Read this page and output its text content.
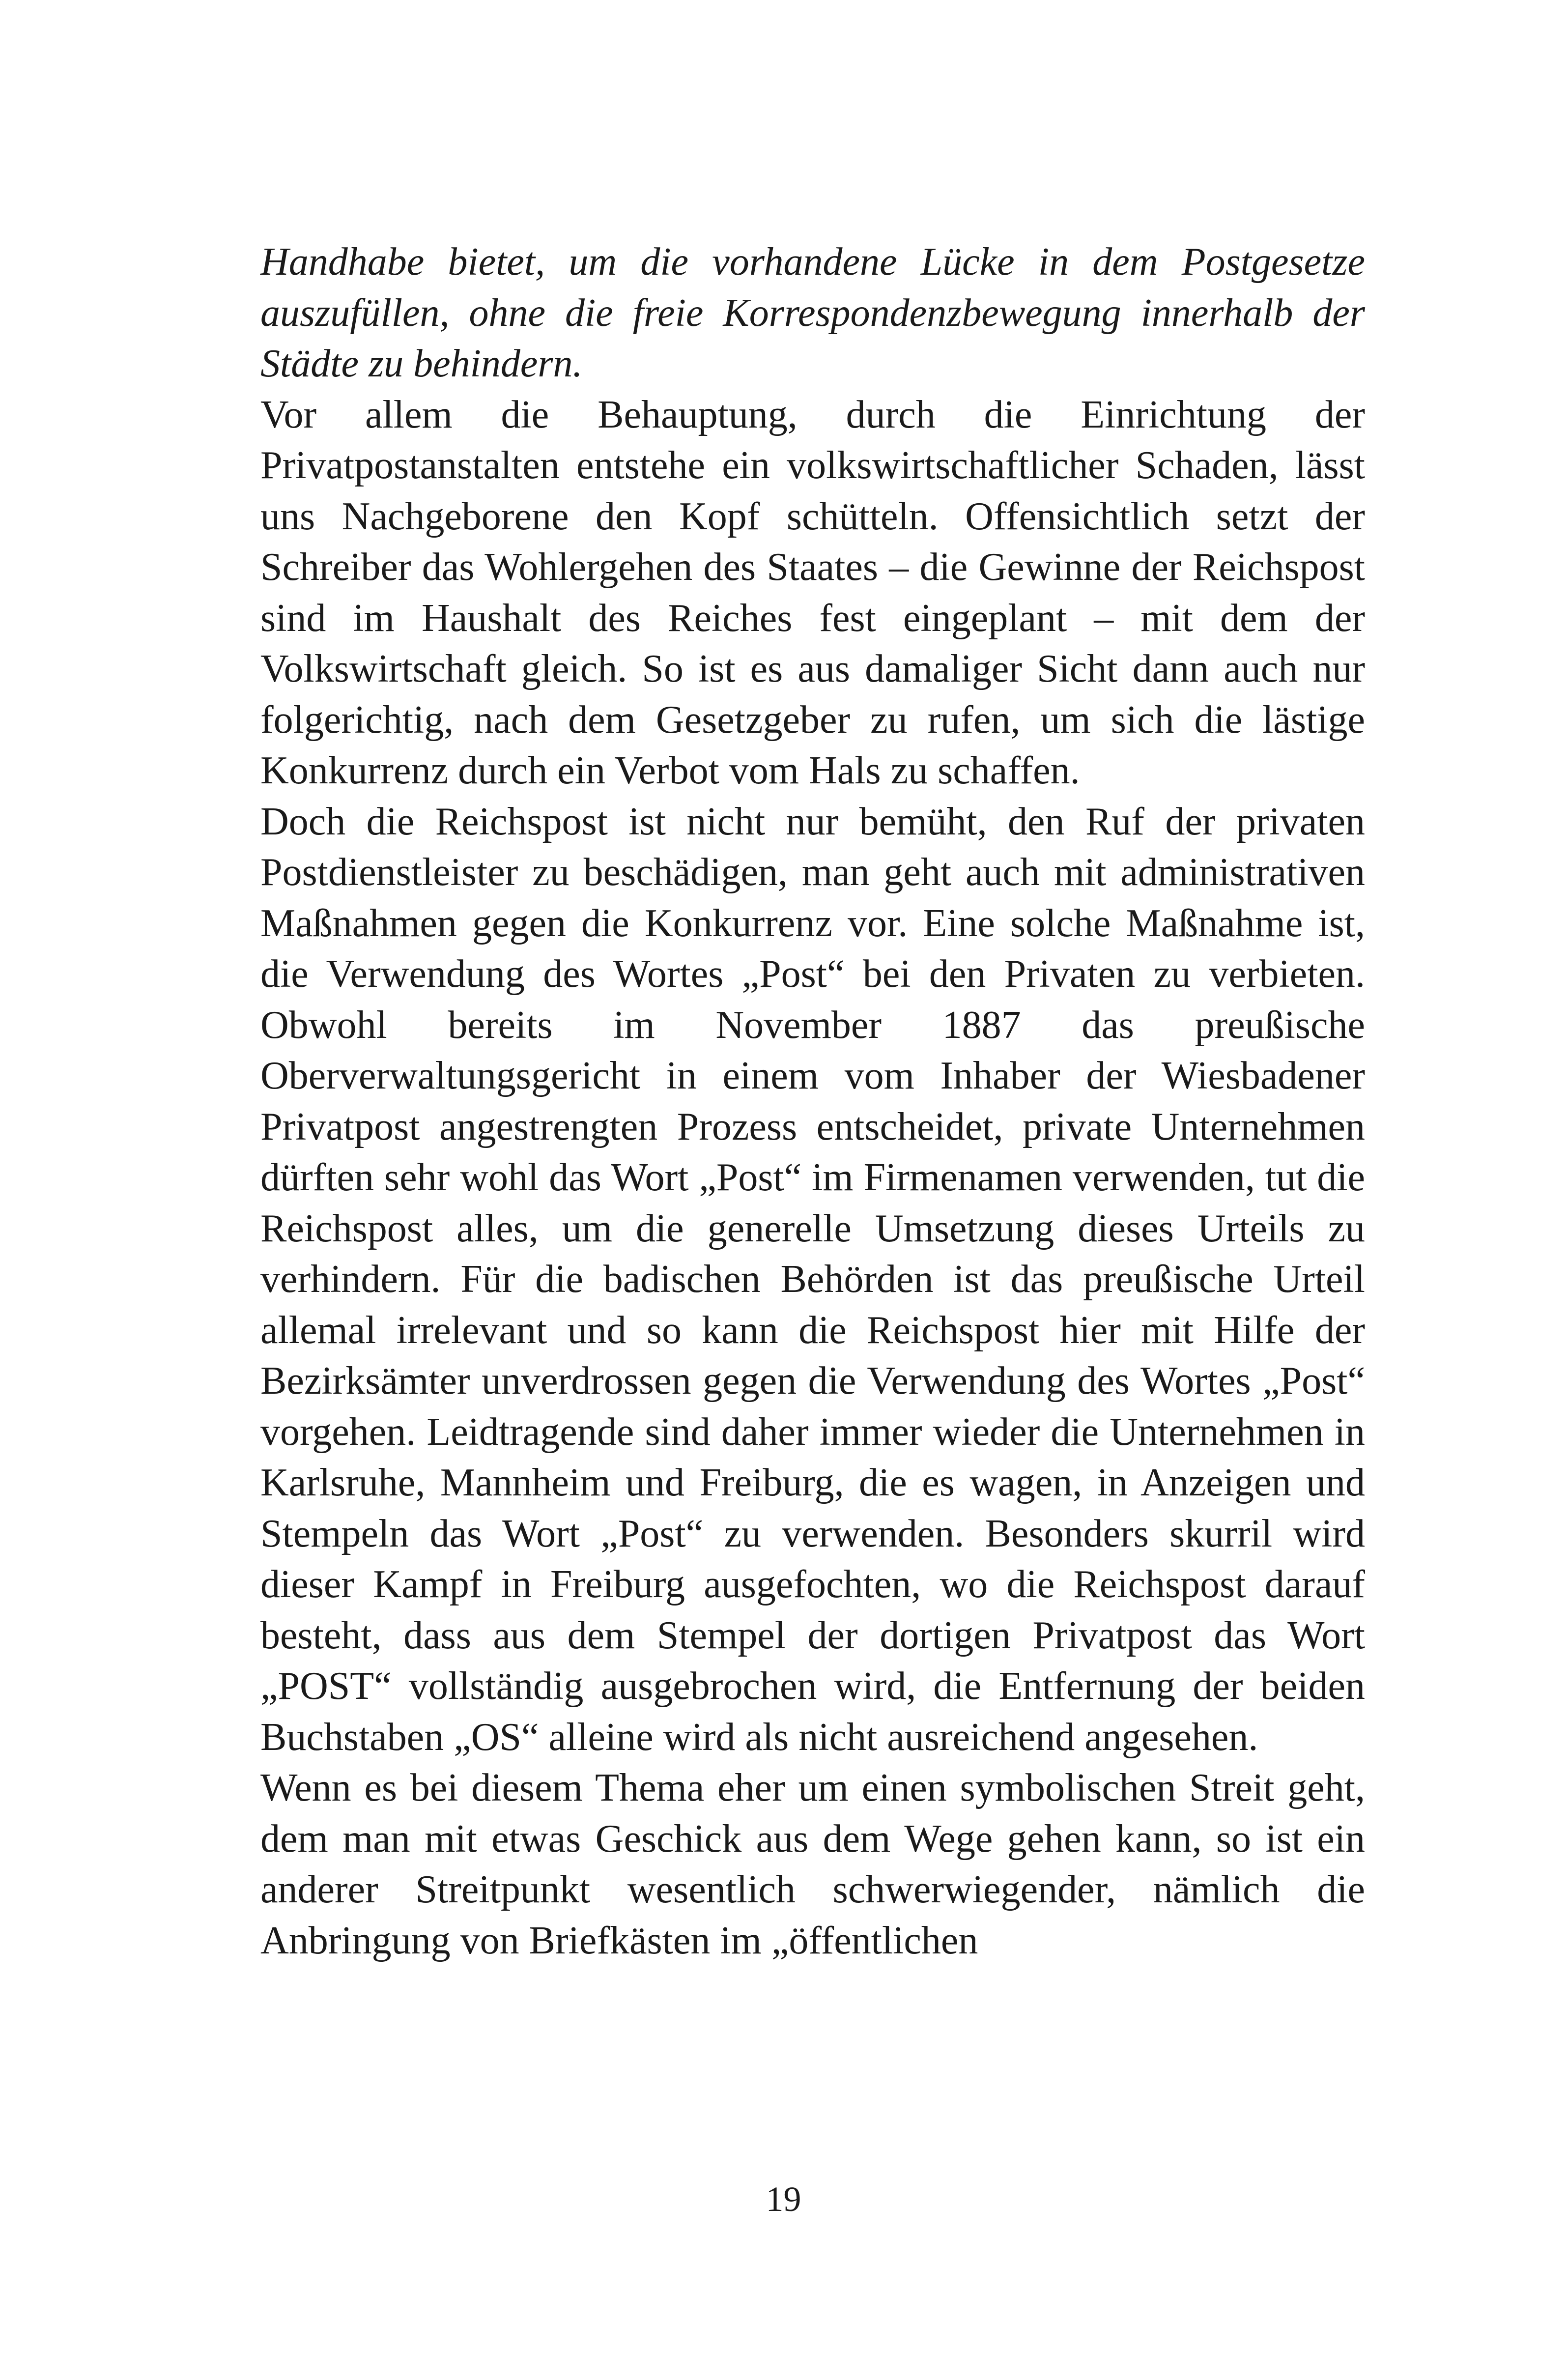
Handhabe bietet, um die vorhandene Lücke in dem Postgesetze auszufüllen, ohne die freie Korrespondenzbewegung innerhalb der Städte zu behindern.

Vor allem die Behauptung, durch die Einrichtung der Privatpostanstalten entstehe ein volkswirtschaftlicher Schaden, lässt uns Nachgeborene den Kopf schütteln. Offensichtlich setzt der Schreiber das Wohlergehen des Staates – die Gewinne der Reichspost sind im Haushalt des Reiches fest eingeplant – mit dem der Volkswirtschaft gleich. So ist es aus damaliger Sicht dann auch nur folgerichtig, nach dem Gesetzgeber zu rufen, um sich die lästige Konkurrenz durch ein Verbot vom Hals zu schaffen.

Doch die Reichspost ist nicht nur bemüht, den Ruf der privaten Postdienstleister zu beschädigen, man geht auch mit administrativen Maßnahmen gegen die Konkurrenz vor. Eine solche Maßnahme ist, die Verwendung des Wortes „Post“ bei den Privaten zu verbieten. Obwohl bereits im November 1887 das preußische Oberverwaltungsgericht in einem vom Inhaber der Wiesbadener Privatpost angestrengten Prozess entscheidet, private Unternehmen dürften sehr wohl das Wort „Post“ im Firmenamen verwenden, tut die Reichspost alles, um die generelle Umsetzung dieses Urteils zu verhindern. Für die badischen Behörden ist das preußische Urteil allemal irrelevant und so kann die Reichspost hier mit Hilfe der Bezirksämter unverdrossen gegen die Verwendung des Wortes „Post“ vorgehen. Leidtragende sind daher immer wieder die Unternehmen in Karlsruhe, Mannheim und Freiburg, die es wagen, in Anzeigen und Stempeln das Wort „Post“ zu verwenden. Besonders skurril wird dieser Kampf in Freiburg ausgefochten, wo die Reichspost darauf besteht, dass aus dem Stempel der dortigen Privatpost das Wort „POST“ vollständig ausgebrochen wird, die Entfernung der beiden Buchstaben „OS“ alleine wird als nicht ausreichend angesehen.

Wenn es bei diesem Thema eher um einen symbolischen Streit geht, dem man mit etwas Geschick aus dem Wege gehen kann, so ist ein anderer Streitpunkt wesentlich schwerwiegender, nämlich die Anbringung von Briefkästen im „öffentlichen

19
